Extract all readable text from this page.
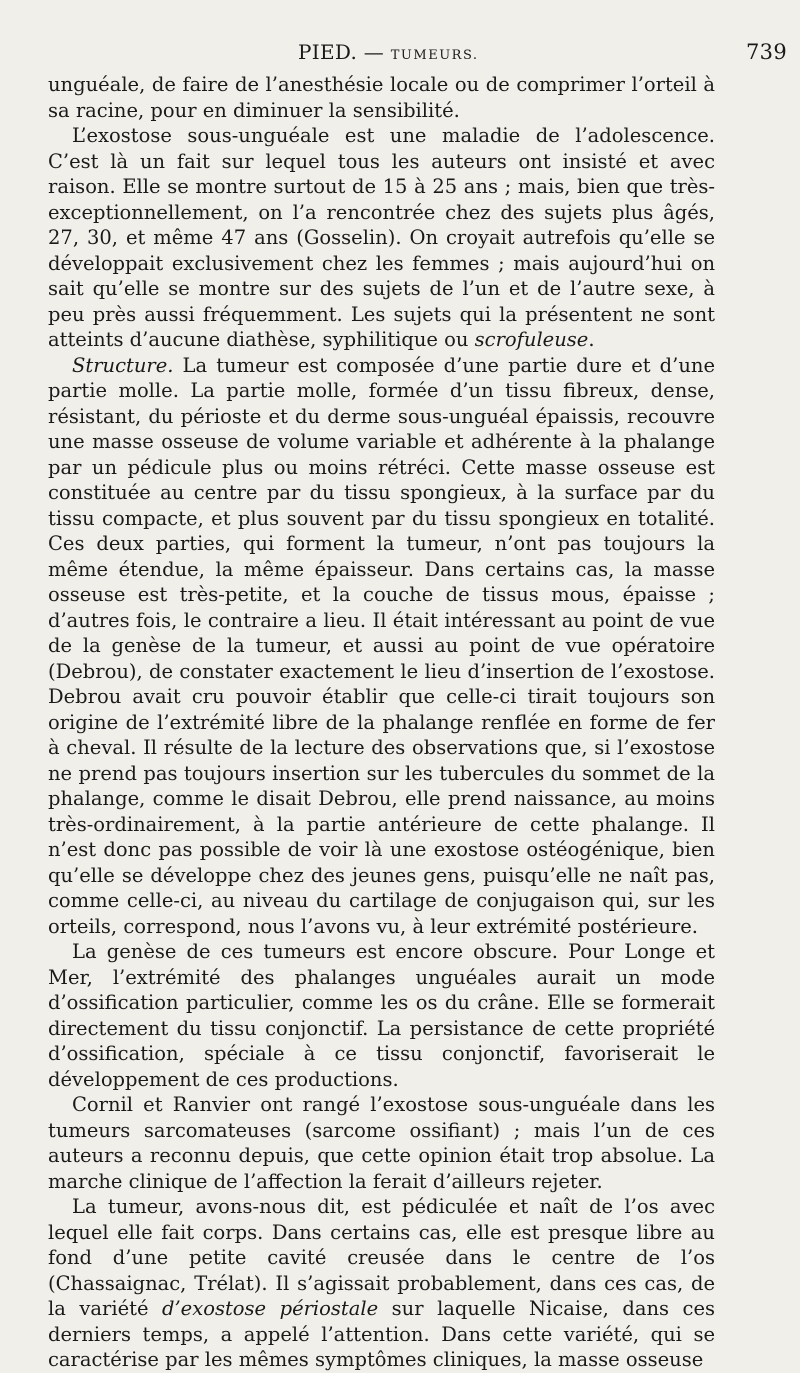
PIED. — TUMEURS.	739

unguéale, de faire de l’anesthésie locale ou de comprimer l’orteil à sa racine, pour en diminuer la sensibilité.

L’exostose sous-unguéale est une maladie de l’adolescence. C’est là un fait sur lequel tous les auteurs ont insisté et avec raison. Elle se montre surtout de 15 à 25 ans ; mais, bien que très-exceptionnellement, on l’a rencontrée chez des sujets plus âgés, 27, 30, et même 47 ans (Gosselin). On croyait autrefois qu’elle se développait exclusivement chez les femmes ; mais aujourd’hui on sait qu’elle se montre sur des sujets de l’un et de l’autre sexe, à peu près aussi fréquemment. Les sujets qui la présentent ne sont atteints d’aucune diathèse, syphilitique ou scrofuleuse.

Structure. La tumeur est composée d’une partie dure et d’une partie molle. La partie molle, formée d’un tissu fibreux, dense, résistant, du périoste et du derme sous-unguéal épaissis, recouvre une masse osseuse de volume variable et adhérente à la phalange par un pédicule plus ou moins rétréci. Cette masse osseuse est constituée au centre par du tissu spongieux, à la surface par du tissu compacte, et plus souvent par du tissu spongieux en totalité. Ces deux parties, qui forment la tumeur, n’ont pas toujours la même étendue, la même épaisseur. Dans certains cas, la masse osseuse est très-petite, et la couche de tissus mous, épaisse ; d’autres fois, le contraire a lieu. Il était intéressant au point de vue de la genèse de la tumeur, et aussi au point de vue opératoire (Debrou), de constater exactement le lieu d’insertion de l’exostose. Debrou avait cru pouvoir établir que celle-ci tirait toujours son origine de l’extrémité libre de la phalange renflée en forme de fer à cheval. Il résulte de la lecture des observations que, si l’exostose ne prend pas toujours insertion sur les tubercules du sommet de la phalange, comme le disait Debrou, elle prend naissance, au moins très-ordinairement, à la partie antérieure de cette phalange. Il n’est donc pas possible de voir là une exostose ostéogénique, bien qu’elle se développe chez des jeunes gens, puisqu’elle ne naît pas, comme celle-ci, au niveau du cartilage de conjugaison qui, sur les orteils, correspond, nous l’avons vu, à leur extrémité postérieure.

La genèse de ces tumeurs est encore obscure. Pour Longe et Mer, l’extrémité des phalanges unguéales aurait un mode d’ossification particulier, comme les os du crâne. Elle se formerait directement du tissu conjonctif. La persistance de cette propriété d’ossification, spéciale à ce tissu conjonctif, favoriserait le développement de ces productions.

Cornil et Ranvier ont rangé l’exostose sous-unguéale dans les tumeurs sarcomateuses (sarcome ossifiant) ; mais l’un de ces auteurs a reconnu depuis, que cette opinion était trop absolue. La marche clinique de l’affection la ferait d’ailleurs rejeter.

La tumeur, avons-nous dit, est pédiculée et naît de l’os avec lequel elle fait corps. Dans certains cas, elle est presque libre au fond d’une petite cavité creusée dans le centre de l’os (Chassaignac, Trélat). Il s’agissait probablement, dans ces cas, de la variété d’exostose périostale sur laquelle Nicaise, dans ces derniers temps, a appelé l’attention. Dans cette variété, qui se caractérise par les mêmes symptômes cliniques, la masse osseuse
